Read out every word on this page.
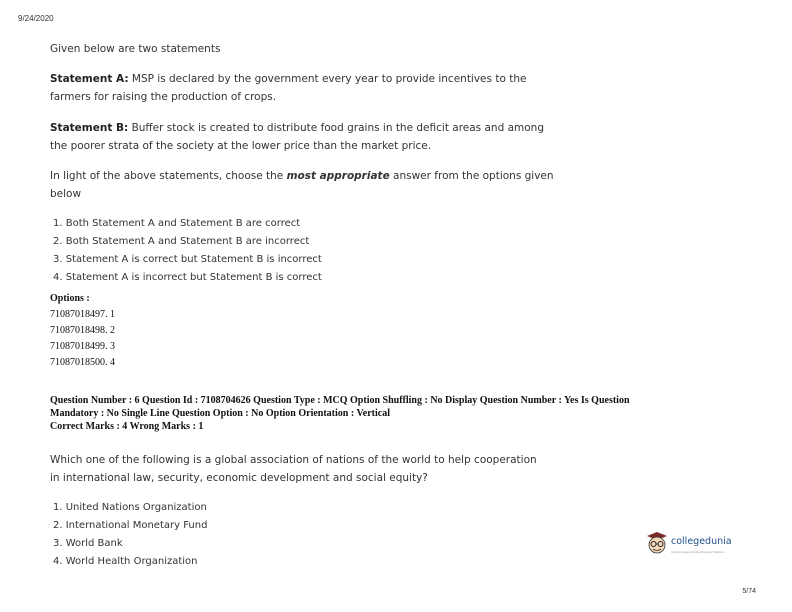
9/24/2020
Given below are two statements
Statement A: MSP is declared by the government every year to provide incentives to the
farmers for raising the production of crops.
Statement B: Buffer stock is created to distribute food grains in the deficit areas and among
the poorer strata of the society at the lower price than the market price.
In light of the above statements, choose the most appropriate answer from the options given
below
1. Both Statement A and Statement B are correct
2. Both Statement A and Statement B are incorrect
3. Statement A is correct but Statement B is incorrect
4. Statement A is incorrect but Statement B is correct
Options :
71087018497. 1
71087018498. 2
71087018499. 3
71087018500. 4
Question Number : 6 Question Id : 7108704626 Question Type : MCQ Option Shuffling : No Display Question Number : Yes Is Question
Mandatory : No Single Line Question Option : No Option Orientation : Vertical
Correct Marks : 4 Wrong Marks : 1
Which one of the following is a global association of nations of the world to help cooperation
in international law, security, economic development and social equity?
1. United Nations Organization
2. International Monetary Fund
3. World Bank
4. World Health Organization
collegedunia
India's Largest Student Review Platform
5/74
